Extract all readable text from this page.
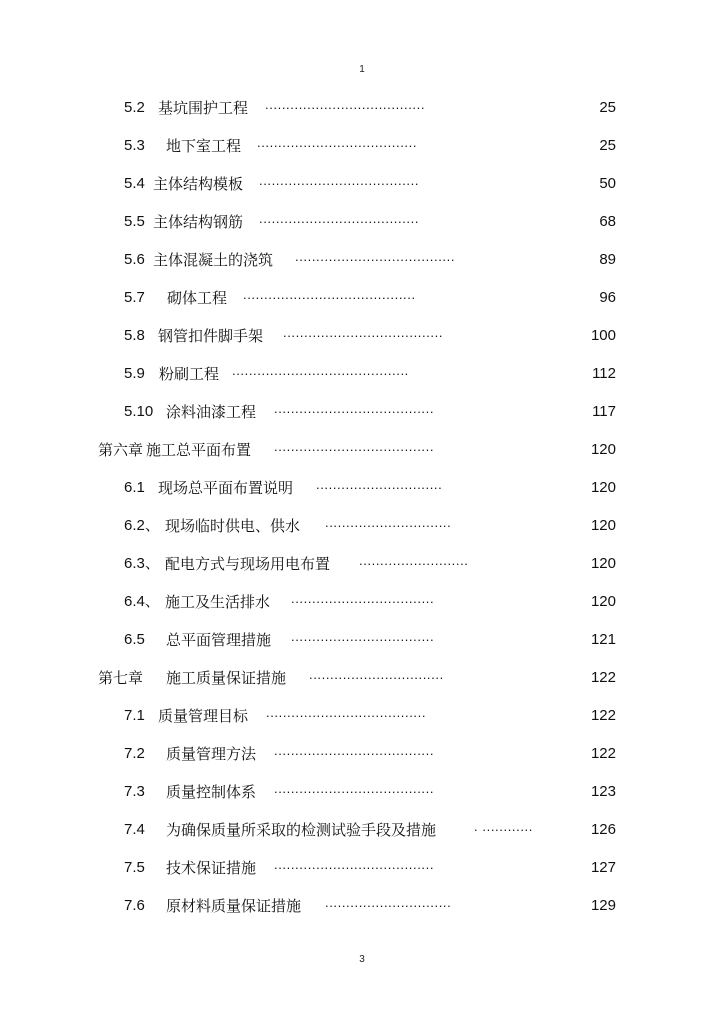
1
5.2 基坑围护工程 ......................................	25
5.3 地下室工程 ......................................	25
5.4 主体结构模板 ......................................	50
5.5 主体结构钢筋 ......................................	68
5.6 主体混凝土的浇筑 ......................................	89
5.7 砌体工程 .........................................	96
5.8 钢管扣件脚手架 ......................................	100
5.9 粉刷工程 ..........................................	112
5.10 涂料油漆工程 ......................................	117
第六章 施工总平面布置 ......................................	120
6.1 现场总平面布置说明 ..............................	120
6.2、 现场临时供电、供水 ..............................	120
6.3、 配电方式与现场用电布置 ..........................	120
6.4、 施工及生活排水 ..................................	120
6.5 总平面管理措施 ..................................	121
第七章 施工质量保证措施 ................................	122
7.1 质量管理目标 ......................................	122
7.2 质量管理方法 ......................................	122
7.3 质量控制体系 ......................................	123
7.4 为确保质量所采取的检测试验手段及措施	. ............	126
7.5 技术保证措施 ......................................	127
7.6 原材料质量保证措施 ..............................	129
3
